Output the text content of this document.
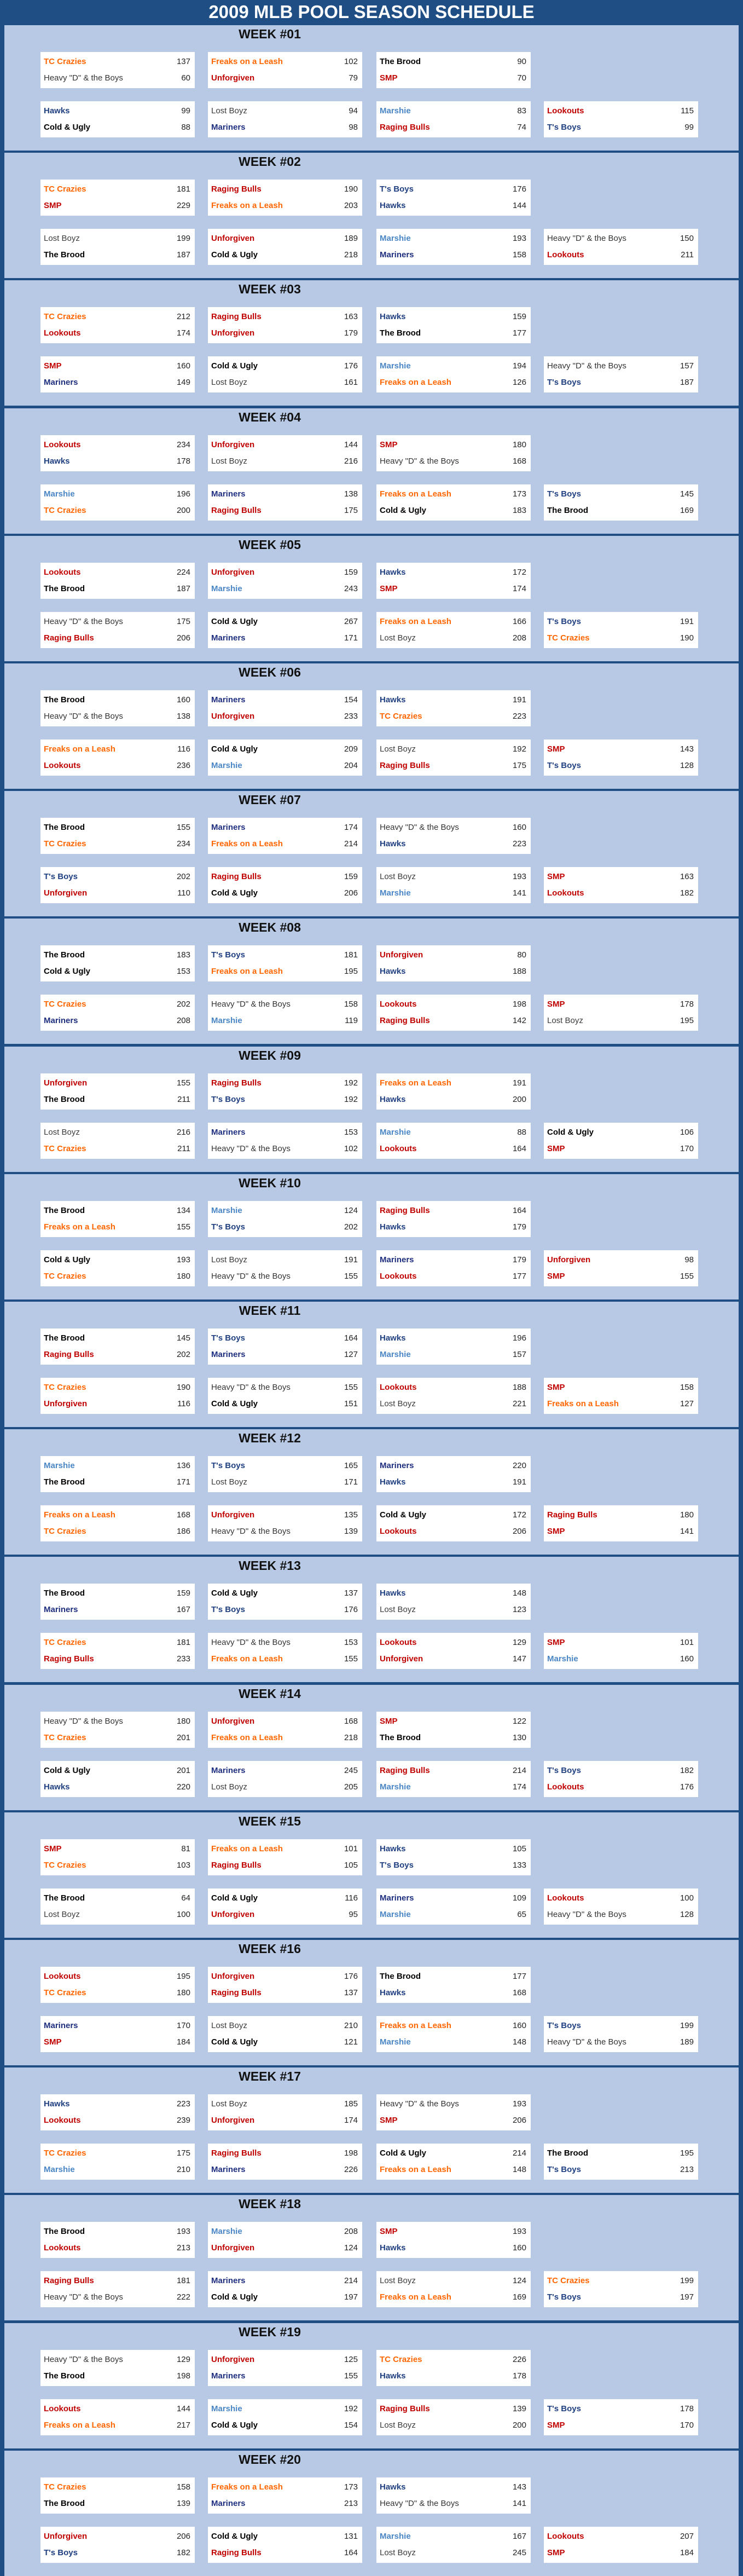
2009 MLB POOL SEASON SCHEDULE
WEEK #01
TC Crazies	137
Heavy "D" & the Boys	60
Freaks on a Leash	102
Unforgiven	79
The Brood	90
SMP	70
Hawks	99
Cold & Ugly	88
Lost Boyz	94
Mariners	98
Marshie	83
Raging Bulls	74
Lookouts	115
T's Boys	99
WEEK #02
TC Crazies	181
SMP	229
Raging Bulls	190
Freaks on a Leash	203
T's Boys	176
Hawks	144
Lost Boyz	199
The Brood	187
Unforgiven	189
Cold & Ugly	218
Marshie	193
Mariners	158
Heavy "D" & the Boys	150
Lookouts	211
WEEK #03
TC Crazies	212
Lookouts	174
Raging Bulls	163
Unforgiven	179
Hawks	159
The Brood	177
SMP	160
Mariners	149
Cold & Ugly	176
Lost Boyz	161
Marshie	194
Freaks on a Leash	126
Heavy "D" & the Boys	157
T's Boys	187
WEEK #04
Lookouts	234
Hawks	178
Unforgiven	144
Lost Boyz	216
SMP	180
Heavy "D" & the Boys	168
Marshie	196
TC Crazies	200
Mariners	138
Raging Bulls	175
Freaks on a Leash	173
Cold & Ugly	183
T's Boys	145
The Brood	169
WEEK #05
Lookouts	224
The Brood	187
Unforgiven	159
Marshie	243
Hawks	172
SMP	174
Heavy "D" & the Boys	175
Raging Bulls	206
Cold & Ugly	267
Mariners	171
Freaks on a Leash	166
Lost Boyz	208
T's Boys	191
TC Crazies	190
WEEK #06
The Brood	160
Heavy "D" & the Boys	138
Mariners	154
Unforgiven	233
Hawks	191
TC Crazies	223
Freaks on a Leash	116
Lookouts	236
Cold & Ugly	209
Marshie	204
Lost Boyz	192
Raging Bulls	175
SMP	143
T's Boys	128
WEEK #07
The Brood	155
TC Crazies	234
Mariners	174
Freaks on a Leash	214
Heavy "D" & the Boys	160
Hawks	223
T's Boys	202
Unforgiven	110
Raging Bulls	159
Cold & Ugly	206
Lost Boyz	193
Marshie	141
SMP	163
Lookouts	182
WEEK #08
The Brood	183
Cold & Ugly	153
T's Boys	181
Freaks on a Leash	195
Unforgiven	80
Hawks	188
TC Crazies	202
Mariners	208
Heavy "D" & the Boys	158
Marshie	119
Lookouts	198
Raging Bulls	142
SMP	178
Lost Boyz	195
WEEK #09
Unforgiven	155
The Brood	211
Raging Bulls	192
T's Boys	192
Freaks on a Leash	191
Hawks	200
Lost Boyz	216
TC Crazies	211
Mariners	153
Heavy "D" & the Boys	102
Marshie	88
Lookouts	164
Cold & Ugly	106
SMP	170
WEEK #10
The Brood	134
Freaks on a Leash	155
Marshie	124
T's Boys	202
Raging Bulls	164
Hawks	179
Cold & Ugly	193
TC Crazies	180
Lost Boyz	191
Heavy "D" & the Boys	155
Mariners	179
Lookouts	177
Unforgiven	98
SMP	155
WEEK #11
The Brood	145
Raging Bulls	202
T's Boys	164
Mariners	127
Hawks	196
Marshie	157
TC Crazies	190
Unforgiven	116
Heavy "D" & the Boys	155
Cold & Ugly	151
Lookouts	188
Lost Boyz	221
SMP	158
Freaks on a Leash	127
WEEK #12
Marshie	136
The Brood	171
T's Boys	165
Lost Boyz	171
Mariners	220
Hawks	191
Freaks on a Leash	168
TC Crazies	186
Unforgiven	135
Heavy "D" & the Boys	139
Cold & Ugly	172
Lookouts	206
Raging Bulls	180
SMP	141
WEEK #13
The Brood	159
Mariners	167
Cold & Ugly	137
T's Boys	176
Hawks	148
Lost Boyz	123
TC Crazies	181
Raging Bulls	233
Heavy "D" & the Boys	153
Freaks on a Leash	155
Lookouts	129
Unforgiven	147
SMP	101
Marshie	160
WEEK #14
Heavy "D" & the Boys	180
TC Crazies	201
Unforgiven	168
Freaks on a Leash	218
SMP	122
The Brood	130
Cold & Ugly	201
Hawks	220
Mariners	245
Lost Boyz	205
Raging Bulls	214
Marshie	174
T's Boys	182
Lookouts	176
WEEK #15
SMP	81
TC Crazies	103
Freaks on a Leash	101
Raging Bulls	105
Hawks	105
T's Boys	133
The Brood	64
Lost Boyz	100
Cold & Ugly	116
Unforgiven	95
Mariners	109
Marshie	65
Lookouts	100
Heavy "D" & the Boys	128
WEEK #16
Lookouts	195
TC Crazies	180
Unforgiven	176
Raging Bulls	137
The Brood	177
Hawks	168
Mariners	170
SMP	184
Lost Boyz	210
Cold & Ugly	121
Freaks on a Leash	160
Marshie	148
T's Boys	199
Heavy "D" & the Boys	189
WEEK #17
Hawks	223
Lookouts	239
Lost Boyz	185
Unforgiven	174
Heavy "D" & the Boys	193
SMP	206
TC Crazies	175
Marshie	210
Raging Bulls	198
Mariners	226
Cold & Ugly	214
Freaks on a Leash	148
The Brood	195
T's Boys	213
WEEK #18
The Brood	193
Lookouts	213
Marshie	208
Unforgiven	124
SMP	193
Hawks	160
Raging Bulls	181
Heavy "D" & the Boys	222
Mariners	214
Cold & Ugly	197
Lost Boyz	124
Freaks on a Leash	169
TC Crazies	199
T's Boys	197
WEEK #19
Heavy "D" & the Boys	129
The Brood	198
Unforgiven	125
Mariners	155
TC Crazies	226
Hawks	178
Lookouts	144
Freaks on a Leash	217
Marshie	192
Cold & Ugly	154
Raging Bulls	139
Lost Boyz	200
T's Boys	178
SMP	170
WEEK #20
TC Crazies	158
The Brood	139
Freaks on a Leash	173
Mariners	213
Hawks	143
Heavy "D" & the Boys	141
Unforgiven	206
T's Boys	182
Cold & Ugly	131
Raging Bulls	164
Marshie	167
Lost Boyz	245
Lookouts	207
SMP	184
